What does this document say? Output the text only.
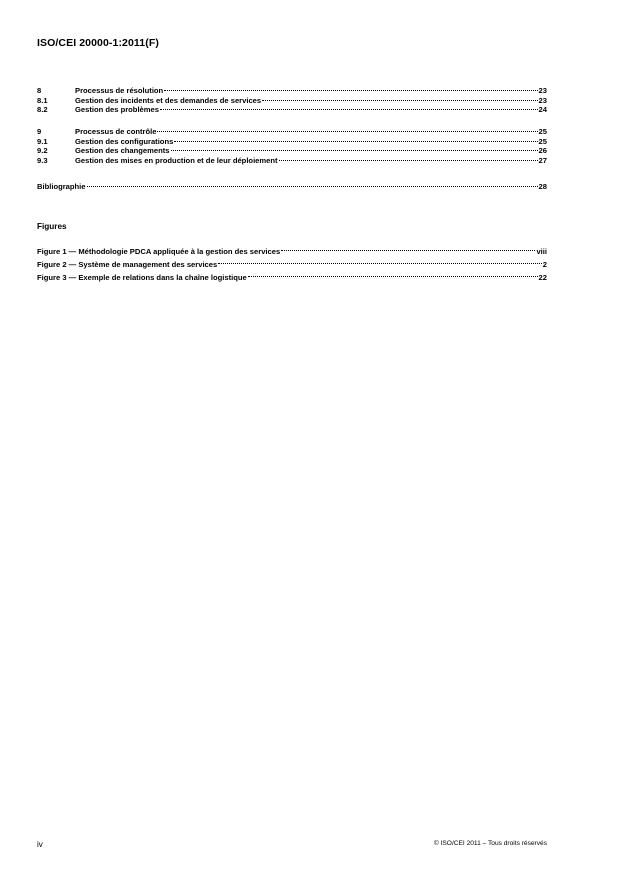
ISO/CEI 20000-1:2011(F)
8	Processus de résolution	23
8.1	Gestion des incidents et des demandes de services	23
8.2	Gestion des problèmes	24
9	Processus de contrôle	25
9.1	Gestion des configurations	25
9.2	Gestion des changements	26
9.3	Gestion des mises en production et de leur déploiement	27
Bibliographie	28
Figures
Figure 1 — Méthodologie PDCA appliquée à la gestion des services	viii
Figure 2 — Système de management des services	2
Figure 3 — Exemple de relations dans la chaîne logistique	22
iv	© ISO/CEI 2011 – Tous droits réservés
